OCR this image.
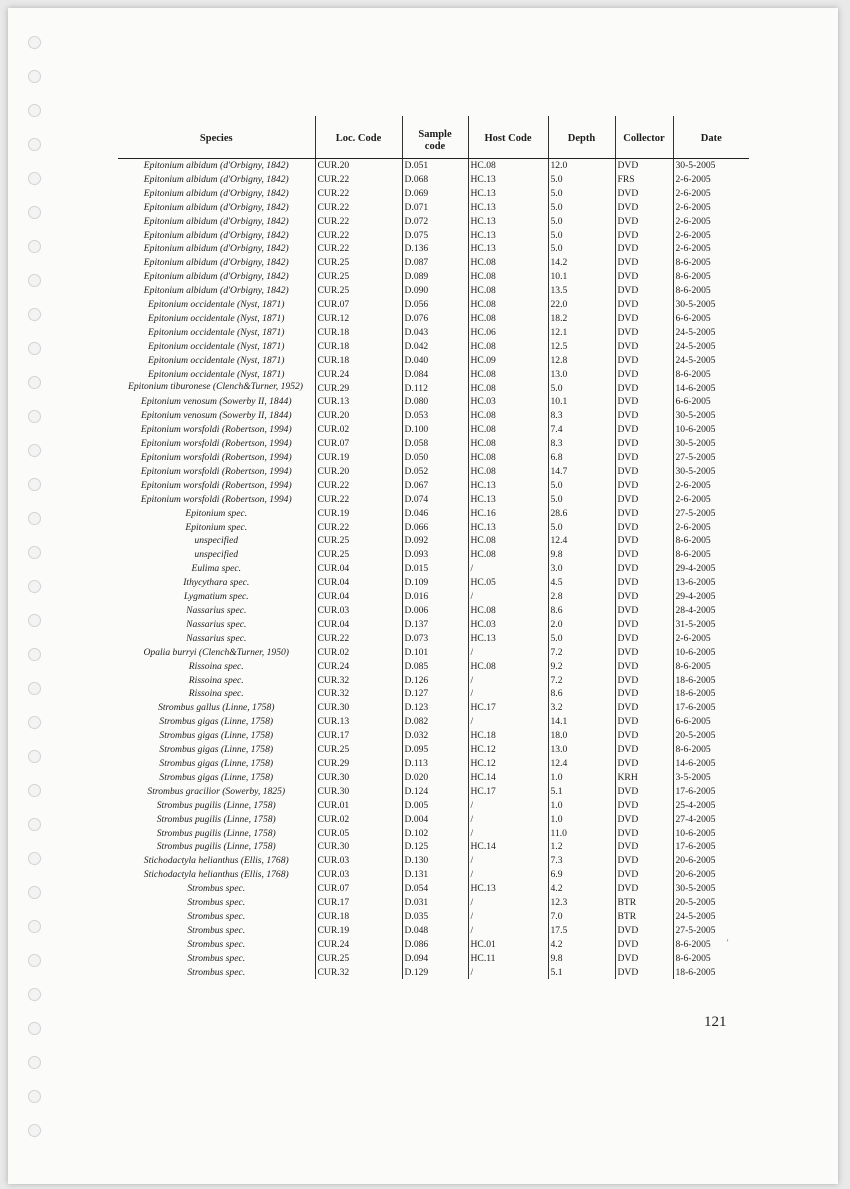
Species	Loc. Code	Sample code	Host Code	Depth	Collector	Date
Epitonium albidum (d'Orbigny, 1842)	CUR.20	D.051	HC.08	12.0	DVD	30-5-2005
Epitonium albidum (d'Orbigny, 1842)	CUR.22	D.068	HC.13	5.0	FRS	2-6-2005
Epitonium albidum (d'Orbigny, 1842)	CUR.22	D.069	HC.13	5.0	DVD	2-6-2005
Epitonium albidum (d'Orbigny, 1842)	CUR.22	D.071	HC.13	5.0	DVD	2-6-2005
Epitonium albidum (d'Orbigny, 1842)	CUR.22	D.072	HC.13	5.0	DVD	2-6-2005
Epitonium albidum (d'Orbigny, 1842)	CUR.22	D.075	HC.13	5.0	DVD	2-6-2005
Epitonium albidum (d'Orbigny, 1842)	CUR.22	D.136	HC.13	5.0	DVD	2-6-2005
Epitonium albidum (d'Orbigny, 1842)	CUR.25	D.087	HC.08	14.2	DVD	8-6-2005
Epitonium albidum (d'Orbigny, 1842)	CUR.25	D.089	HC.08	10.1	DVD	8-6-2005
Epitonium albidum (d'Orbigny, 1842)	CUR.25	D.090	HC.08	13.5	DVD	8-6-2005
Epitonium occidentale (Nyst, 1871)	CUR.07	D.056	HC.08	22.0	DVD	30-5-2005
Epitonium occidentale (Nyst, 1871)	CUR.12	D.076	HC.08	18.2	DVD	6-6-2005
Epitonium occidentale (Nyst, 1871)	CUR.18	D.043	HC.06	12.1	DVD	24-5-2005
Epitonium occidentale (Nyst, 1871)	CUR.18	D.042	HC.08	12.5	DVD	24-5-2005
Epitonium occidentale (Nyst, 1871)	CUR.18	D.040	HC.09	12.8	DVD	24-5-2005
Epitonium occidentale (Nyst, 1871)	CUR.24	D.084	HC.08	13.0	DVD	8-6-2005
Epitonium tiburonese (Clench&Turner, 1952)	CUR.29	D.112	HC.08	5.0	DVD	14-6-2005
Epitonium venosum (Sowerby II, 1844)	CUR.13	D.080	HC.03	10.1	DVD	6-6-2005
Epitonium venosum (Sowerby II, 1844)	CUR.20	D.053	HC.08	8.3	DVD	30-5-2005
Epitonium worsfoldi (Robertson, 1994)	CUR.02	D.100	HC.08	7.4	DVD	10-6-2005
Epitonium worsfoldi (Robertson, 1994)	CUR.07	D.058	HC.08	8.3	DVD	30-5-2005
Epitonium worsfoldi (Robertson, 1994)	CUR.19	D.050	HC.08	6.8	DVD	27-5-2005
Epitonium worsfoldi (Robertson, 1994)	CUR.20	D.052	HC.08	14.7	DVD	30-5-2005
Epitonium worsfoldi (Robertson, 1994)	CUR.22	D.067	HC.13	5.0	DVD	2-6-2005
Epitonium worsfoldi (Robertson, 1994)	CUR.22	D.074	HC.13	5.0	DVD	2-6-2005
Epitonium spec.	CUR.19	D.046	HC.16	28.6	DVD	27-5-2005
Epitonium spec.	CUR.22	D.066	HC.13	5.0	DVD	2-6-2005
unspecified	CUR.25	D.092	HC.08	12.4	DVD	8-6-2005
unspecified	CUR.25	D.093	HC.08	9.8	DVD	8-6-2005
Eulima spec.	CUR.04	D.015	/	3.0	DVD	29-4-2005
Ithycythara spec.	CUR.04	D.109	HC.05	4.5	DVD	13-6-2005
Lygmatium spec.	CUR.04	D.016	/	2.8	DVD	29-4-2005
Nassarius spec.	CUR.03	D.006	HC.08	8.6	DVD	28-4-2005
Nassarius spec.	CUR.04	D.137	HC.03	2.0	DVD	31-5-2005
Nassarius spec.	CUR.22	D.073	HC.13	5.0	DVD	2-6-2005
Opalia burryi (Clench&Turner, 1950)	CUR.02	D.101	/	7.2	DVD	10-6-2005
Rissoina spec.	CUR.24	D.085	HC.08	9.2	DVD	8-6-2005
Rissoina spec.	CUR.32	D.126	/	7.2	DVD	18-6-2005
Rissoina spec.	CUR.32	D.127	/	8.6	DVD	18-6-2005
Strombus gallus (Linne, 1758)	CUR.30	D.123	HC.17	3.2	DVD	17-6-2005
Strombus gigas (Linne, 1758)	CUR.13	D.082	/	14.1	DVD	6-6-2005
Strombus gigas (Linne, 1758)	CUR.17	D.032	HC.18	18.0	DVD	20-5-2005
Strombus gigas (Linne, 1758)	CUR.25	D.095	HC.12	13.0	DVD	8-6-2005
Strombus gigas (Linne, 1758)	CUR.29	D.113	HC.12	12.4	DVD	14-6-2005
Strombus gigas (Linne, 1758)	CUR.30	D.020	HC.14	1.0	KRH	3-5-2005
Strombus gracilior (Sowerby, 1825)	CUR.30	D.124	HC.17	5.1	DVD	17-6-2005
Strombus pugilis (Linne, 1758)	CUR.01	D.005	/	1.0	DVD	25-4-2005
Strombus pugilis (Linne, 1758)	CUR.02	D.004	/	1.0	DVD	27-4-2005
Strombus pugilis (Linne, 1758)	CUR.05	D.102	/	11.0	DVD	10-6-2005
Strombus pugilis (Linne, 1758)	CUR.30	D.125	HC.14	1.2	DVD	17-6-2005
Stichodactyla helianthus (Ellis, 1768)	CUR.03	D.130	/	7.3	DVD	20-6-2005
Stichodactyla helianthus (Ellis, 1768)	CUR.03	D.131	/	6.9	DVD	20-6-2005
Strombus spec.	CUR.07	D.054	HC.13	4.2	DVD	30-5-2005
Strombus spec.	CUR.17	D.031	/	12.3	BTR	20-5-2005
Strombus spec.	CUR.18	D.035	/	7.0	BTR	24-5-2005
Strombus spec.	CUR.19	D.048	/	17.5	DVD	27-5-2005
Strombus spec.	CUR.24	D.086	HC.01	4.2	DVD	8-6-2005
Strombus spec.	CUR.25	D.094	HC.11	9.8	DVD	8-6-2005
Strombus spec.	CUR.32	D.129	/	5.1	DVD	18-6-2005
121
'
